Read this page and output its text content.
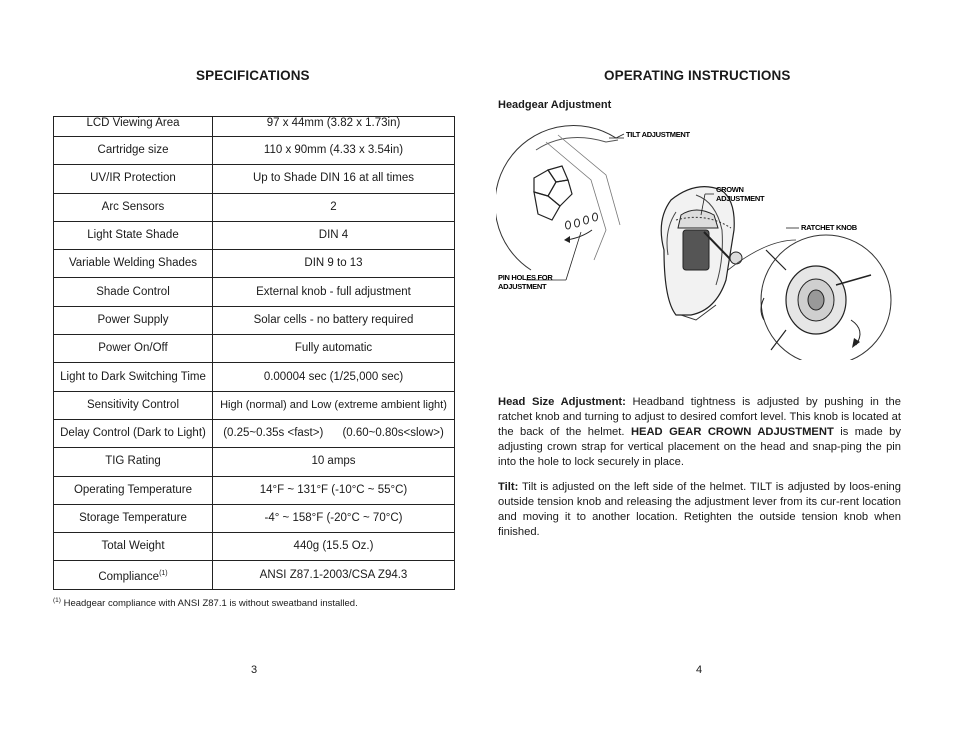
SPECIFICATIONS
LCD Viewing Area	97 x 44mm (3.82 x 1.73in)
Cartridge size	110 x 90mm (4.33 x 3.54in)
UV/IR Protection	Up to Shade DIN 16 at all times
Arc Sensors	2
Light State Shade	DIN 4
Variable Welding Shades	DIN 9 to 13
Shade Control	External knob - full adjustment
Power Supply	Solar cells - no battery required
Power On/Off	Fully automatic
Light to Dark Switching Time	0.00004 sec (1/25,000 sec)
Sensitivity Control	High (normal) and Low (extreme ambient light)
Delay Control (Dark to Light)	(0.25~0.35s <fast>)      (0.60~0.80s<slow>)
TIG Rating	10 amps
Operating Temperature	14°F ~ 131°F (-10°C ~ 55°C)
Storage Temperature	-4° ~ 158°F (-20°C ~ 70°C)
Total Weight	440g (15.5 Oz.)
Compliance$^{(1)}$	ANSI Z87.1-2003/CSA Z94.3
$^{(1)}$ Headgear compliance with ANSI Z87.1 is without sweatband installed.
3
OPERATING INSTRUCTIONS
Headgear Adjustment
TILT ADJUSTMENT
CROWN
ADJUSTMENT
RATCHET KNOB
PIN HOLES FOR
ADJUSTMENT
Head Size Adjustment: Headband tightness is adjusted by pushing in the ratchet knob and turning to adjust to desired comfort level. This knob is located at the back of the helmet. HEAD GEAR CROWN ADJUSTMENT is made by adjusting crown strap for vertical placement on the head and snap-ping the pin into the hole to lock securely in place.
Tilt: Tilt is adjusted on the left side of the helmet. TILT is adjusted by loos-ening outside tension knob and releasing the adjustment lever from its cur-rent location and moving it to another location. Retighten the outside tension knob when finished.
4
